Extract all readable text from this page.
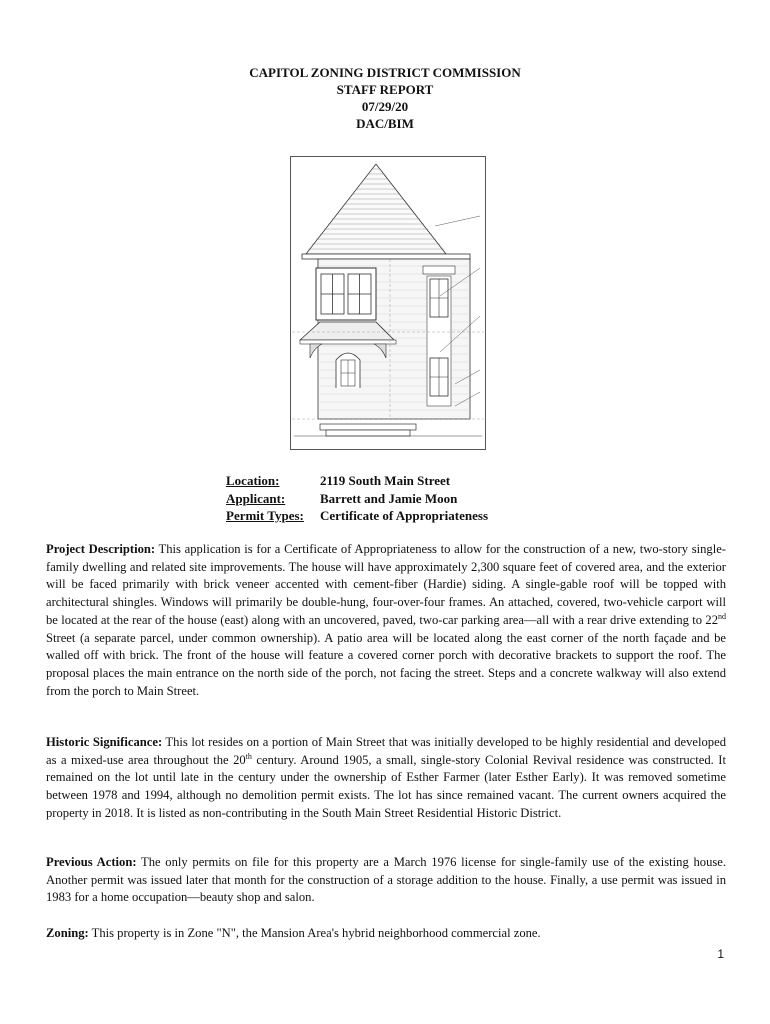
CAPITOL ZONING DISTRICT COMMISSION
STAFF REPORT
07/29/20
DAC/BIM
Location:	2119 South Main Street
Applicant:	Barrett and Jamie Moon
Permit Types:	Certificate of Appropriateness

Project Description: This application is for a Certificate of Appropriateness to allow for the construction of a new, two-story single-family dwelling and related site improvements. The house will have approximately 2,300 square feet of covered area, and the exterior will be faced primarily with brick veneer accented with cement-fiber (Hardie) siding. A single-gable roof will be topped with architectural shingles. Windows will primarily be double-hung, four-over-four frames. An attached, covered, two-vehicle carport will be located at the rear of the house (east) along with an uncovered, paved, two-car parking area—all with a rear drive extending to 22nd Street (a separate parcel, under common ownership). A patio area will be located along the east corner of the north façade and be walled off with brick. The front of the house will feature a covered corner porch with decorative brackets to support the roof. The proposal places the main entrance on the north side of the porch, not facing the street. Steps and a concrete walkway will also extend from the porch to Main Street.

Historic Significance: This lot resides on a portion of Main Street that was initially developed to be highly residential and developed as a mixed-use area throughout the 20th century. Around 1905, a small, single-story Colonial Revival residence was constructed. It remained on the lot until late in the century under the ownership of Esther Farmer (later Esther Early). It was removed sometime between 1978 and 1994, although no demolition permit exists. The lot has since remained vacant. The current owners acquired the property in 2018. It is listed as non-contributing in the South Main Street Residential Historic District.

Previous Action: The only permits on file for this property are a March 1976 license for single-family use of the existing house. Another permit was issued later that month for the construction of a storage addition to the house. Finally, a use permit was issued in 1983 for a home occupation—beauty shop and salon.

Zoning: This property is in Zone "N", the Mansion Area's hybrid neighborhood commercial zone.

1
